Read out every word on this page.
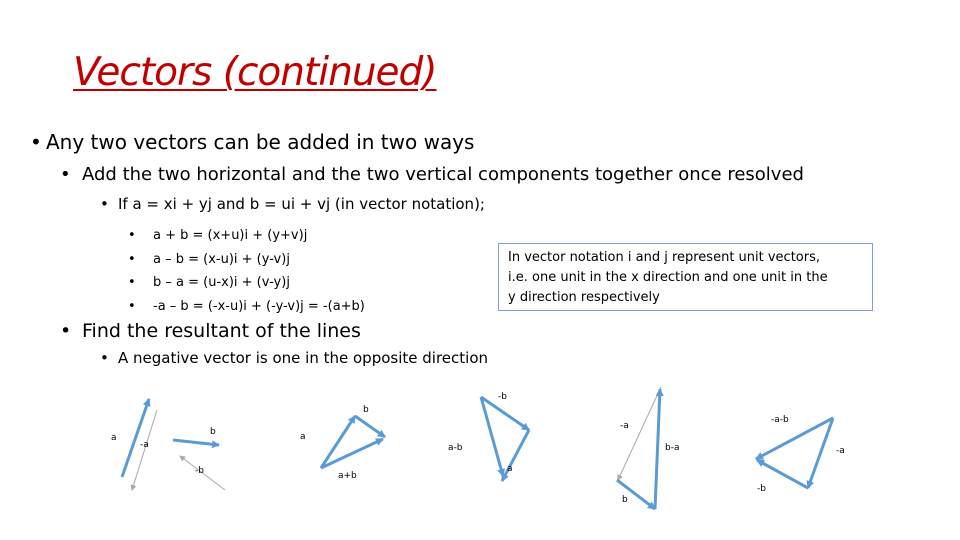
Vectors (continued)
• Any two vectors can be added in two ways
• Add the two horizontal and the two vertical components together once resolved
• If a = xi + yj and b = ui + vj (in vector notation);
• a + b = (x+u)i + (y+v)j
• a – b = (x-u)i + (y-v)j
• b – a = (u-x)i + (v-y)j
• -a – b = (-x-u)i + (-y-v)j = -(a+b)
In vector notation i and j represent unit vectors,
i.e. one unit in the x direction and one unit in the
y direction respectively
• Find the resultant of the lines
• A negative vector is one in the opposite direction
a
-a
b
-b
b
a
a+b
-b
a-b
a
-a
b-a
b
-a-b
-a
-b
